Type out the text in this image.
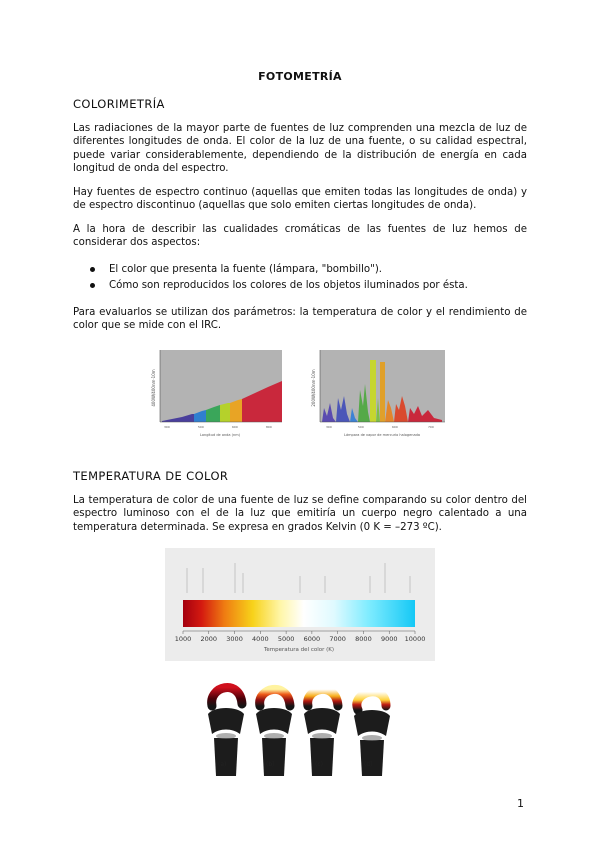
FOTOMETRÍA
COLORIMETRÍA
Las radiaciones de la mayor parte de fuentes de luz comprenden una mezcla de luz de diferentes longitudes de onda. El color de la luz de una fuente, o su calidad espectral, puede variar considerablemente, dependiendo de la distribución de energía en cada longitud de onda del espectro.
Hay fuentes de espectro continuo (aquellas que emiten todas las longitudes de onda) y de espectro discontinuo (aquellas que solo emiten ciertas longitudes de onda).
A la hora de describir las cualidades cromáticas de las fuentes de luz hemos de considerar dos aspectos:
El color que presenta la fuente (lámpara, "bombillo").
Cómo son reproducidos los colores de los objetos iluminados por ésta.
Para evaluarlos se utilizan dos parámetros: la temperatura de color y el rendimiento de color que se mide con el IRC.
400W/400nm·10m
300	500	600	800
Longitud de onda (nm)
200W/400nm·10m
300	500	600	700
Lámpara de vapor de mercurio halogenada
TEMPERATURA DE COLOR
La temperatura de color de una fuente de luz se define comparando su color dentro del espectro luminoso con el de la luz que emitiría un cuerpo negro calentado a una temperatura determinada. Se expresa en grados Kelvin (0 K = –273 ºC).
1000 2000 3000 4000 5000 6000 7000 8000 9000 10000
Temperatura del color (K)
(a)	(b)	(c)	(d)
1
